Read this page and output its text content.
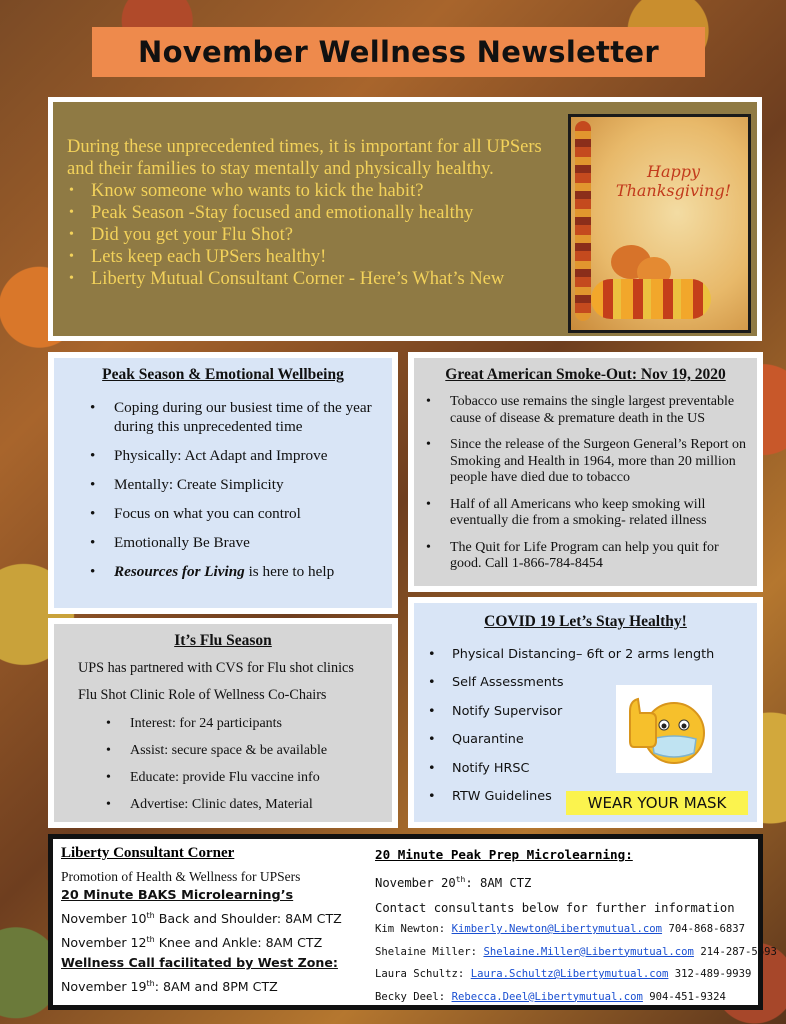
November Wellness Newsletter

During these unprecedented times, it is important for all UPSers and their families to stay mentally and physically healthy.

• Know someone who wants to kick the habit?
• Peak Season -Stay focused and emotionally healthy
• Did you get your Flu Shot?
• Lets keep each UPSers healthy!
• Liberty Mutual Consultant Corner - Here’s What’s New
Happy
Thanksgiving!
Peak Season & Emotional Wellbeing
• Coping during our busiest time of the year during this unprecedented time
• Physically: Act Adapt and Improve
• Mentally: Create Simplicity
• Focus on what you can control
• Emotionally Be Brave
• Resources for Living is here to help
Great American Smoke-Out: Nov 19, 2020
• Tobacco use remains the single largest preventable cause of disease & premature death in the US
• Since the release of the Surgeon General’s Report on Smoking and Health in 1964, more than 20 million people have died due to tobacco
• Half of all Americans who keep smoking will eventually die from a smoking- related illness
• The Quit for Life Program can help you quit for good. Call 1-866-784-8454
It’s Flu Season

UPS has partnered with CVS for Flu shot clinics

Flu Shot Clinic Role of Wellness Co-Chairs

• Interest: for 24 participants
• Assist: secure space & be available
• Educate: provide Flu vaccine info
• Advertise: Clinic dates, Material
COVID 19 Let’s Stay Healthy!
• Physical Distancing– 6ft or 2 arms length
• Self Assessments
• Notify Supervisor
• Quarantine
• Notify HRSC
• RTW Guidelines	WEAR YOUR MASK

Liberty Consultant Corner

Promotion of Health & Wellness for UPSers

20 Minute BAKS Microlearning’s

November 10th Back and Shoulder: 8AM CTZ

November 12th Knee and Ankle: 8AM CTZ

Wellness Call facilitated by West Zone:

November 19th: 8AM and 8PM CTZ

20 Minute Peak Prep Microlearning:

November 20th: 8AM CTZ

Contact consultants below for further information

Kim Newton: Kimberly.Newton@Libertymutual.com 704-868-6837

Shelaine Miller: Shelaine.Miller@Libertymutual.com 214-287-5693

Laura Schultz: Laura.Schultz@Libertymutual.com 312-489-9939

Becky Deel: Rebecca.Deel@Libertymutual.com 904-451-9324
